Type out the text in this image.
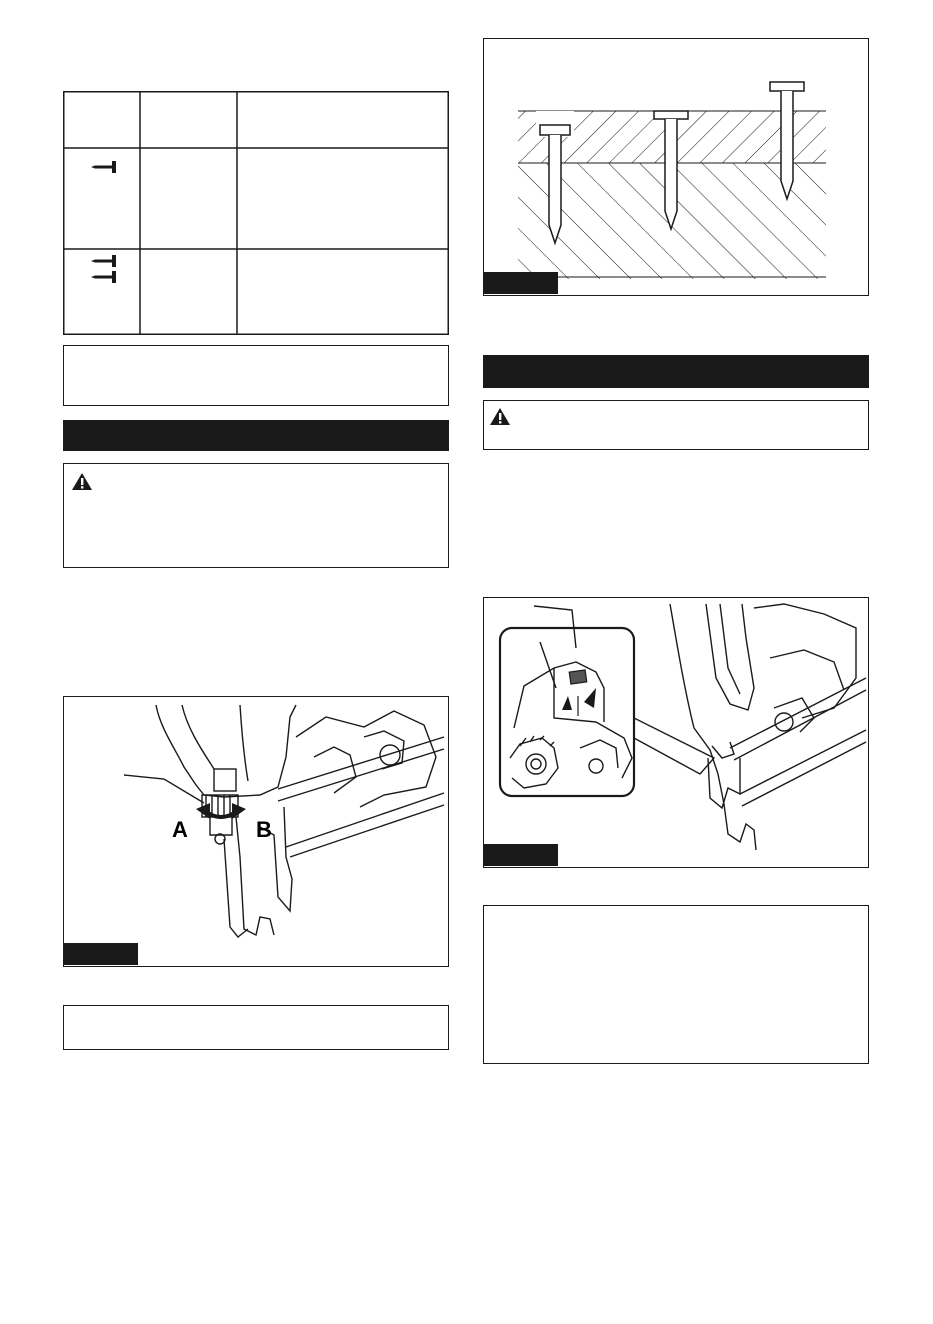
A	B
